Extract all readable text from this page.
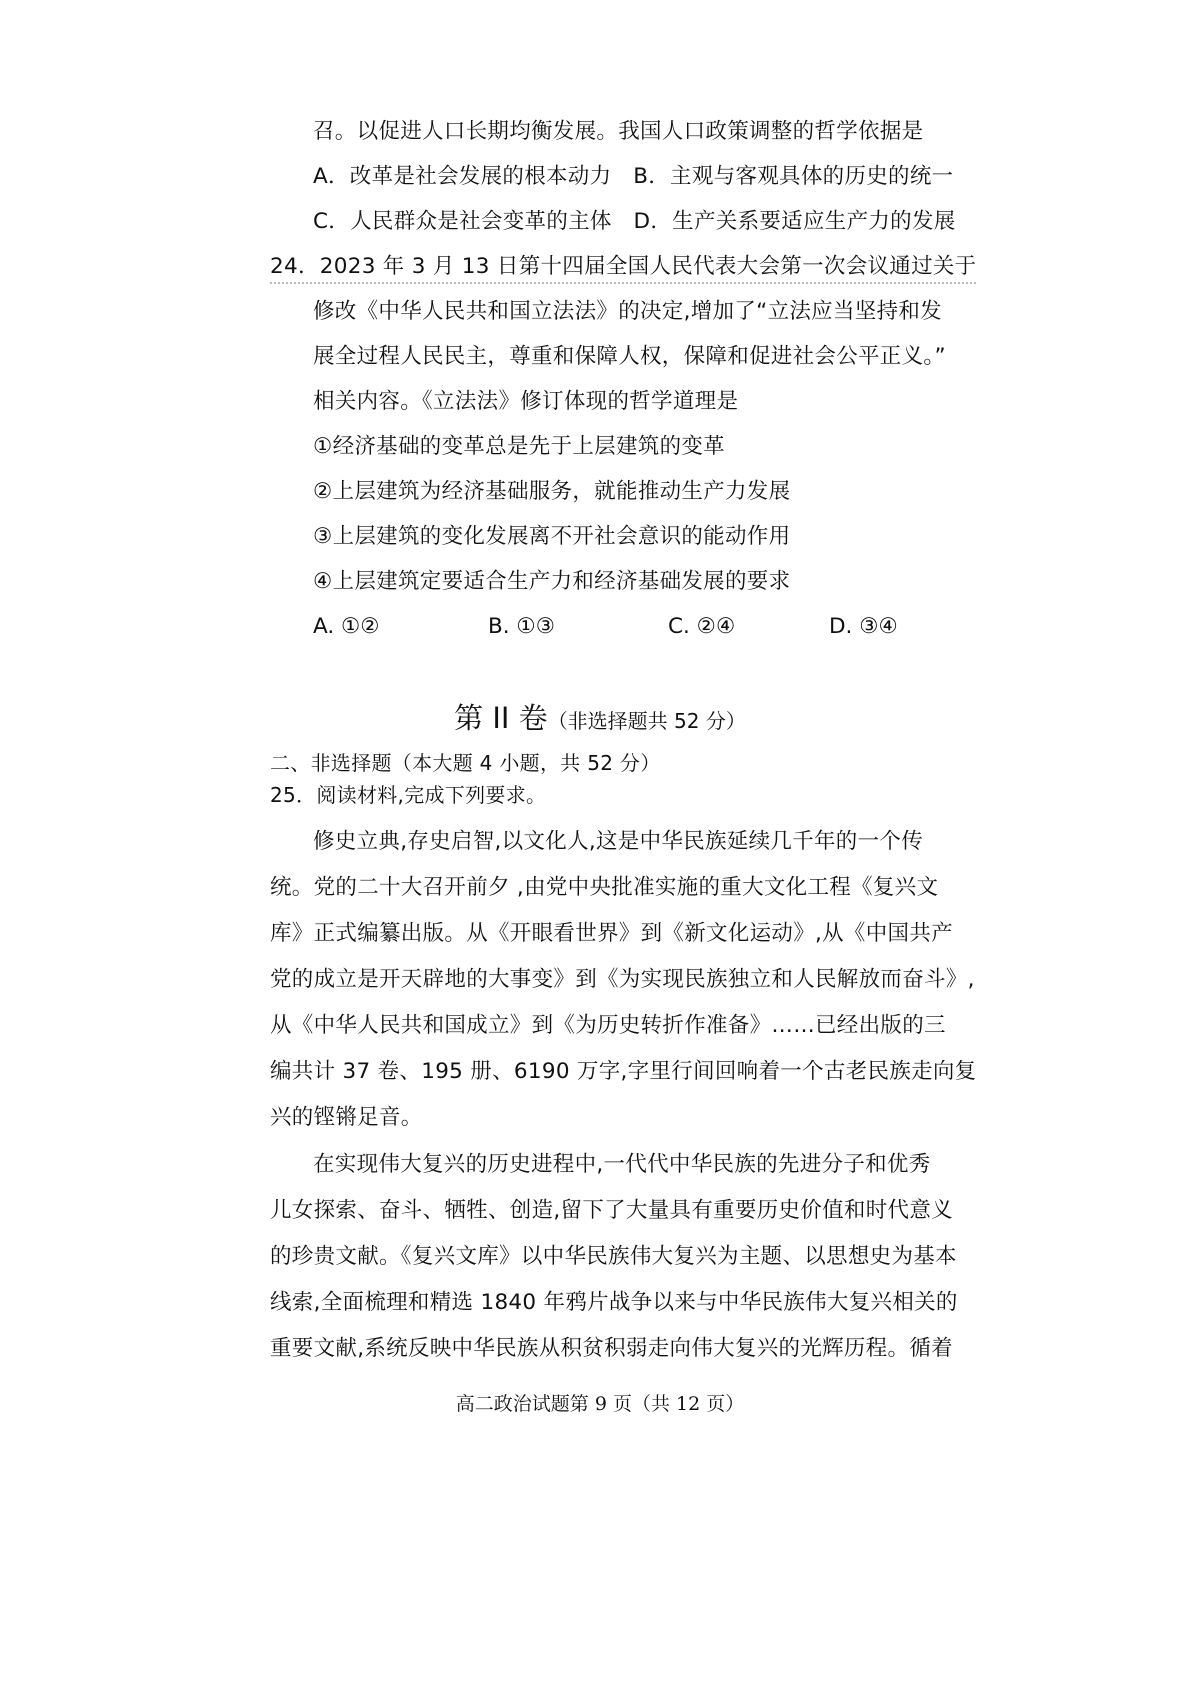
召。以促进人口长期均衡发展。我国人口政策调整的哲学依据是
A．改革是社会发展的根本动力　B．主观与客观具体的历史的统一
C．人民群众是社会变革的主体　D．生产关系要适应生产力的发展
24．2023 年 3 月 13 日第十四届全国人民代表大会第一次会议通过关于
修改《中华人民共和国立法法》的决定,增加了“立法应当坚持和发
展全过程人民民主，尊重和保障人权，保障和促进社会公平正义。”
相关内容。《立法法》修订体现的哲学道理是
①经济基础的变革总是先于上层建筑的变革
②上层建筑为经济基础服务，就能推动生产力发展
③上层建筑的变化发展离不开社会意识的能动作用
④上层建筑定要适合生产力和经济基础发展的要求
A. ①②	B. ①③	C. ②④	D. ③④
第 II 卷（非选择题共 52 分）
二、非选择题（本大题 4 小题，共 52 分）
25．阅读材料,完成下列要求。
修史立典,存史启智,以文化人,这是中华民族延续几千年的一个传
统。党的二十大召开前夕 ,由党中央批准实施的重大文化工程《复兴文
库》正式编纂出版。从《开眼看世界》到《新文化运动》,从《中国共产
党的成立是开天辟地的大事变》到《为实现民族独立和人民解放而奋斗》,
从《中华人民共和国成立》到《为历史转折作准备》……已经出版的三
编共计 37 卷、195 册、6190 万字,字里行间回响着一个古老民族走向复
兴的铿锵足音。
在实现伟大复兴的历史进程中,一代代中华民族的先进分子和优秀
儿女探索、奋斗、牺牲、创造,留下了大量具有重要历史价值和时代意义
的珍贵文献。《复兴文库》以中华民族伟大复兴为主题、以思想史为基本
线索,全面梳理和精选 1840 年鸦片战争以来与中华民族伟大复兴相关的
重要文献,系统反映中华民族从积贫积弱走向伟大复兴的光辉历程。循着
高二政治试题第 9 页（共 12 页）
